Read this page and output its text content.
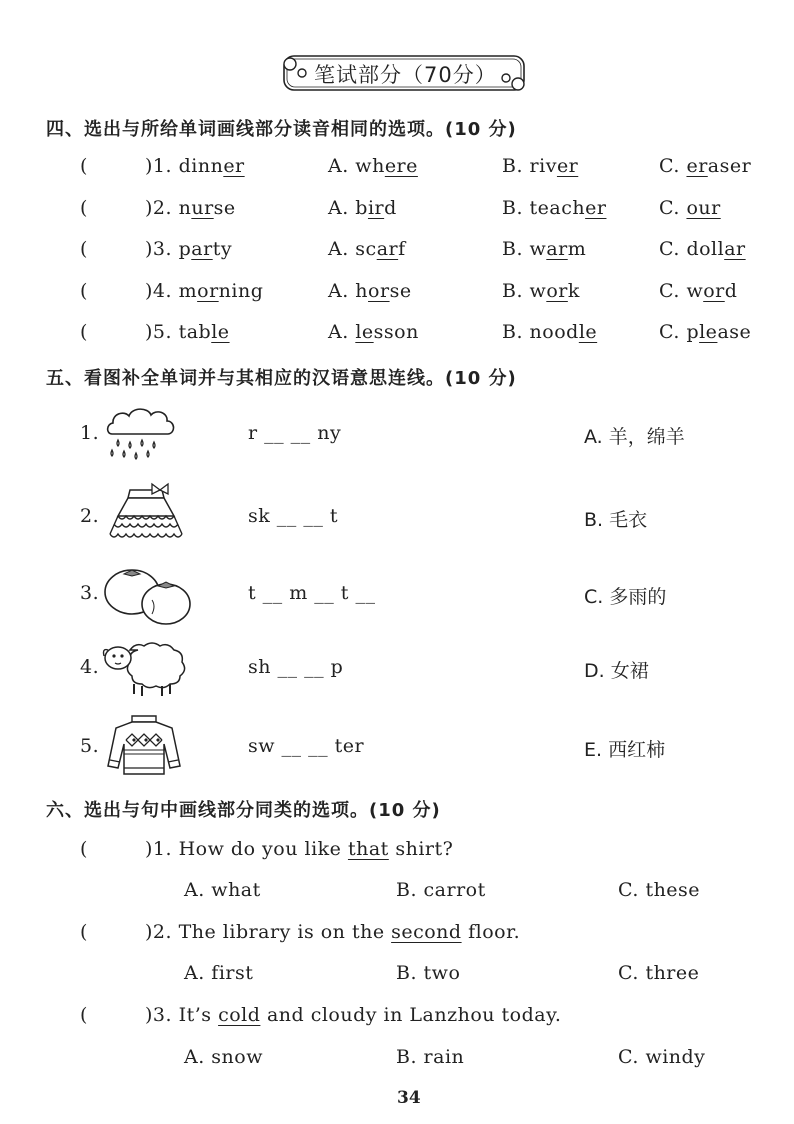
笔试部分（70分）
四、选出与所给单词画线部分读音相同的选项。(10 分)
(	)1. dinner	A. where	B. river	C. eraser
(	)2. nurse	A. bird	B. teacher	C. our
(	)3. party	A. scarf	B. warm	C. dollar
(	)4. morning	A. horse	B. work	C. word
(	)5. table	A. lesson	B. noodle	C. please
五、看图补全单词并与其相应的汉语意思连线。(10 分)
1.	r __ __ ny	A. 羊，绵羊
2.	sk __ __ t	B. 毛衣
3.	t __ m __ t __	C. 多雨的
4.	sh __ __ p	D. 女裙
5.	sw __ __ ter	E. 西红柿
六、选出与句中画线部分同类的选项。(10 分)
(	)1. How do you like that shirt?
A. what	B. carrot	C. these
(	)2. The library is on the second floor.
A. first	B. two	C. three
(	)3. It’s cold and cloudy in Lanzhou today.
A. snow	B. rain	C. windy
34
